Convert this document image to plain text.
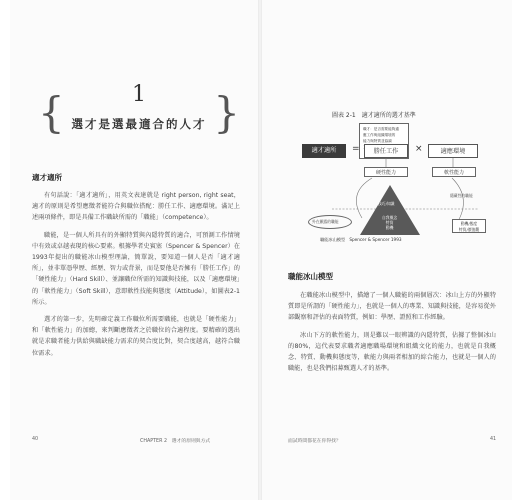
{	1
選才是選最適合的人才 }
適才適所

有句話說：「適才適所」，用英文表達就是 right person, right seat，適才的原則是希望應徵者能符合與職位搭配：勝任工作、適應環境。滿足上述兩項條件，即是具備工作職缺所需的「職能」（competence）。

職能，是一個人所具有的外顯特質與內隱特質的適合，可預測工作情境中有效或卓越表現的核心要素。根據學者史賓塞（Spencer & Spencer）在1993年提出的職能冰山模型理論，簡單說，要知道一個人是否「適才適所」，並非單憑學歷、經歷、智力或背景，而是要他是否擁有「勝任工作」的「硬性能力」（Hard Skill）、並讓職位所需的知識與技能，以及「適應環境」的「軟性能力」（Soft Skill），意即軟性技能與態度（Attitude），如圖表2-1所示。

選才的第一步，先明確定義工作職位所需要職能，也就是「硬性能力」和「軟性能力」的加總，來判斷應徵者之於職位的合適程度。要精確的選出就是求職者能力供給與職缺能力需求的契合度比對，契合度越高，越符合職位需求。

40	CHAPTER 2　選才的原則與方式
圖表 2-1　適才適所的選才基準
職才：是否需要能夠適
應工作與組織環境的
能力與特質並協調
適才適所	=	勝任工作	×	適應環境
硬性能力	軟性能力
技巧/知識
自我概念
特質
動機
外在顯露的職能
隱藏性的職能
動機/態度
特質/價值觀
職能冰山模型　Spencer & Spencer 1993
職能冰山模型

在職能冰山模型中，描繪了一個人職能的兩個層次：冰山上方的外顯特質即是所謂的「硬性能力」，也就是一個人的專業、知識與技能，是容易從外部觀察和評估的表面特質，例如：學歷、證照和工作經驗。

冰山下方的軟性能力，則是難以一眼辨識的內隱特質，佔據了整個冰山的80%，這代表要求職者適應職場環境和組織文化的能力，也就是自我概念、特質、動機與態度等，軟能力與兩者相加的綜合能力，也就是一個人的職能，也是我們招募甄選人才的基準。

面試時間都花在你得找？	41
